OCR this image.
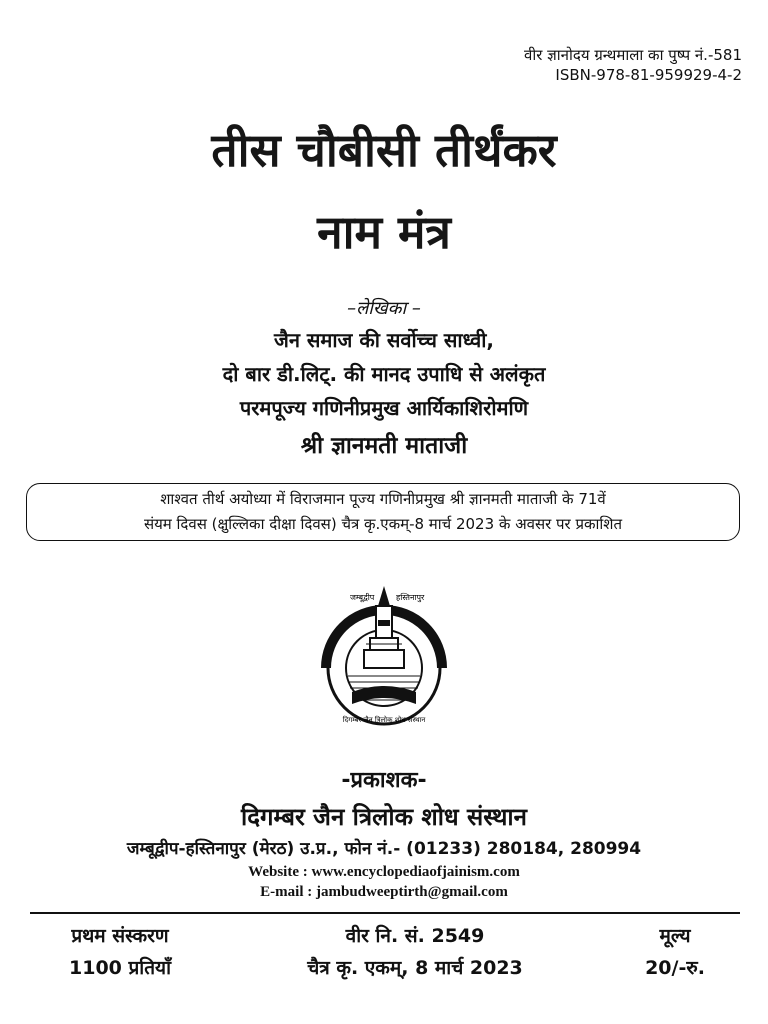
वीर ज्ञानोदय ग्रन्थमाला का पुष्प नं.-581
ISBN-978-81-959929-4-2
तीस चौबीसी तीर्थंकर
नाम मंत्र
–लेखिका –
जैन समाज की सर्वोच्च साध्वी,
दो बार डी.लिट्. की मानद उपाधि से अलंकृत
परमपूज्य गणिनीप्रमुख आर्यिकाशिरोमणि
श्री ज्ञानमती माताजी
शाश्वत तीर्थ अयोध्या में विराजमान पूज्य गणिनीप्रमुख श्री ज्ञानमती माताजी के 71वें
संयम दिवस (क्षुल्लिका दीक्षा दिवस) चैत्र कृ.एकम्-8 मार्च 2023 के अवसर पर प्रकाशित
जम्बूद्वीप	हस्तिनापुर
दिगम्बर जैन त्रिलोक शोध संस्थान
-प्रकाशक-
दिगम्बर जैन त्रिलोक शोध संस्थान
जम्बूद्वीप-हस्तिनापुर (मेरठ) उ.प्र., फोन नं.- (01233) 280184, 280994
Website : www.encyclopediaofjainism.com
E-mail : jambudweeptirth@gmail.com
प्रथम संस्करण
1100 प्रतियाँ
वीर नि. सं. 2549
चैत्र कृ. एकम्, 8 मार्च 2023
मूल्य
20/-रु.
